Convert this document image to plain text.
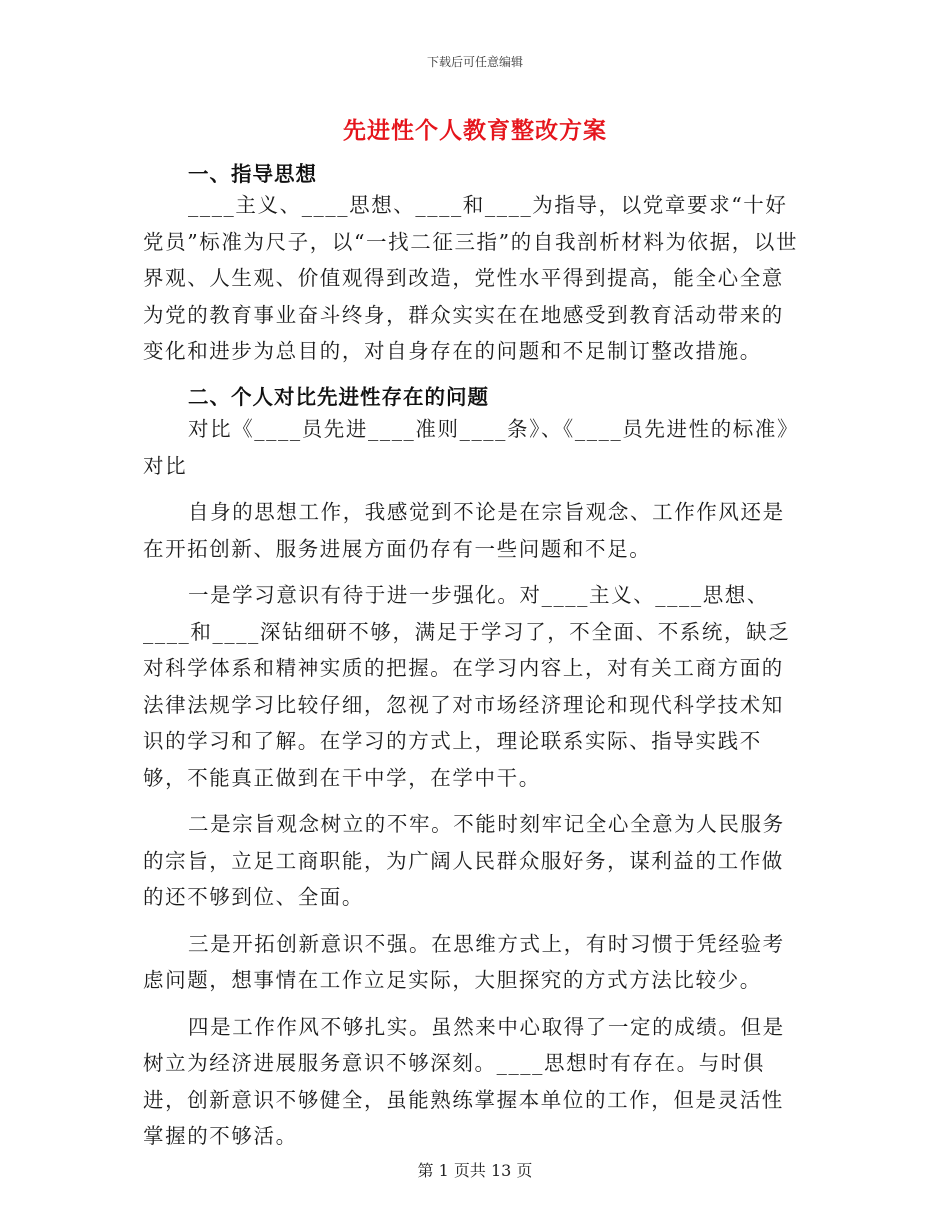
下载后可任意编辑
先进性个人教育整改方案
一、指导思想

____主义、____思想、____和____为指导，以党章要求“十好党员”标准为尺子，以“一找二征三指”的自我剖析材料为依据，以世界观、人生观、价值观得到改造，党性水平得到提高，能全心全意为党的教育事业奋斗终身，群众实实在在地感受到教育活动带来的变化和进步为总目的，对自身存在的问题和不足制订整改措施。

二、个人对比先进性存在的问题

对比《____员先进____准则____条》、《____员先进性的标准》对比

自身的思想工作，我感觉到不论是在宗旨观念、工作作风还是在开拓创新、服务进展方面仍存有一些问题和不足。

一是学习意识有待于进一步强化。对____主义、____思想、____和____深钻细研不够，满足于学习了，不全面、不系统，缺乏对科学体系和精神实质的把握。在学习内容上，对有关工商方面的法律法规学习比较仔细，忽视了对市场经济理论和现代科学技术知识的学习和了解。在学习的方式上，理论联系实际、指导实践不够，不能真正做到在干中学，在学中干。

二是宗旨观念树立的不牢。不能时刻牢记全心全意为人民服务的宗旨，立足工商职能，为广阔人民群众服好务，谋利益的工作做的还不够到位、全面。

三是开拓创新意识不强。在思维方式上，有时习惯于凭经验考虑问题，想事情在工作立足实际，大胆探究的方式方法比较少。

四是工作作风不够扎实。虽然来中心取得了一定的成绩。但是树立为经济进展服务意识不够深刻。____思想时有存在。与时俱进，创新意识不够健全，虽能熟练掌握本单位的工作，但是灵活性掌握的不够活。

第 1 页共 13 页
